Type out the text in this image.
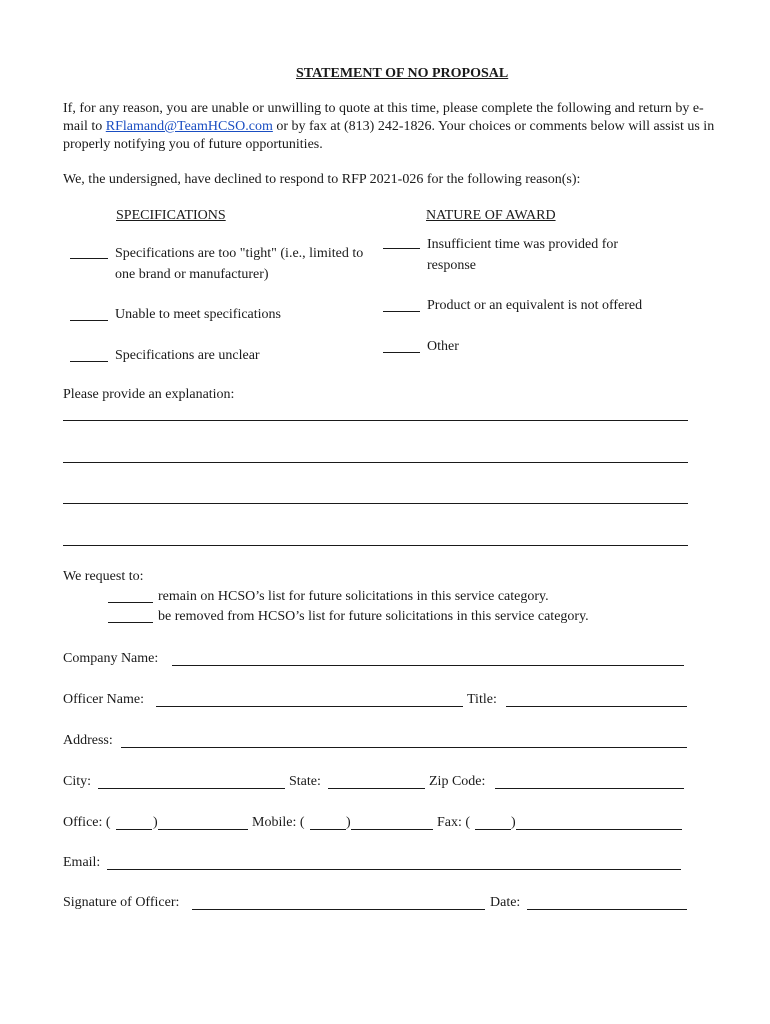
STATEMENT OF NO PROPOSAL
If, for any reason, you are unable or unwilling to quote at this time, please complete the following and return by e-mail to RFlamand@TeamHCSO.com or by fax at (813) 242-1826. Your choices or comments below will assist us in properly notifying you of future opportunities.
We, the undersigned, have declined to respond to RFP 2021-026 for the following reason(s):
SPECIFICATIONS	NATURE OF AWARD
Specifications are too "tight" (i.e., limited to one brand or manufacturer)
Unable to meet specifications
Specifications are unclear
Insufficient time was provided for response
Product or an equivalent is not offered
Other
Please provide an explanation:
We request to:
remain on HCSO’s list for future solicitations in this service category.
be removed from HCSO’s list for future solicitations in this service category.
Company Name:
Officer Name:	Title:
Address:
City:	State:	Zip Code:
Office: (	)	Mobile: (	)	Fax: (	)
Email:
Signature of Officer:	Date:
